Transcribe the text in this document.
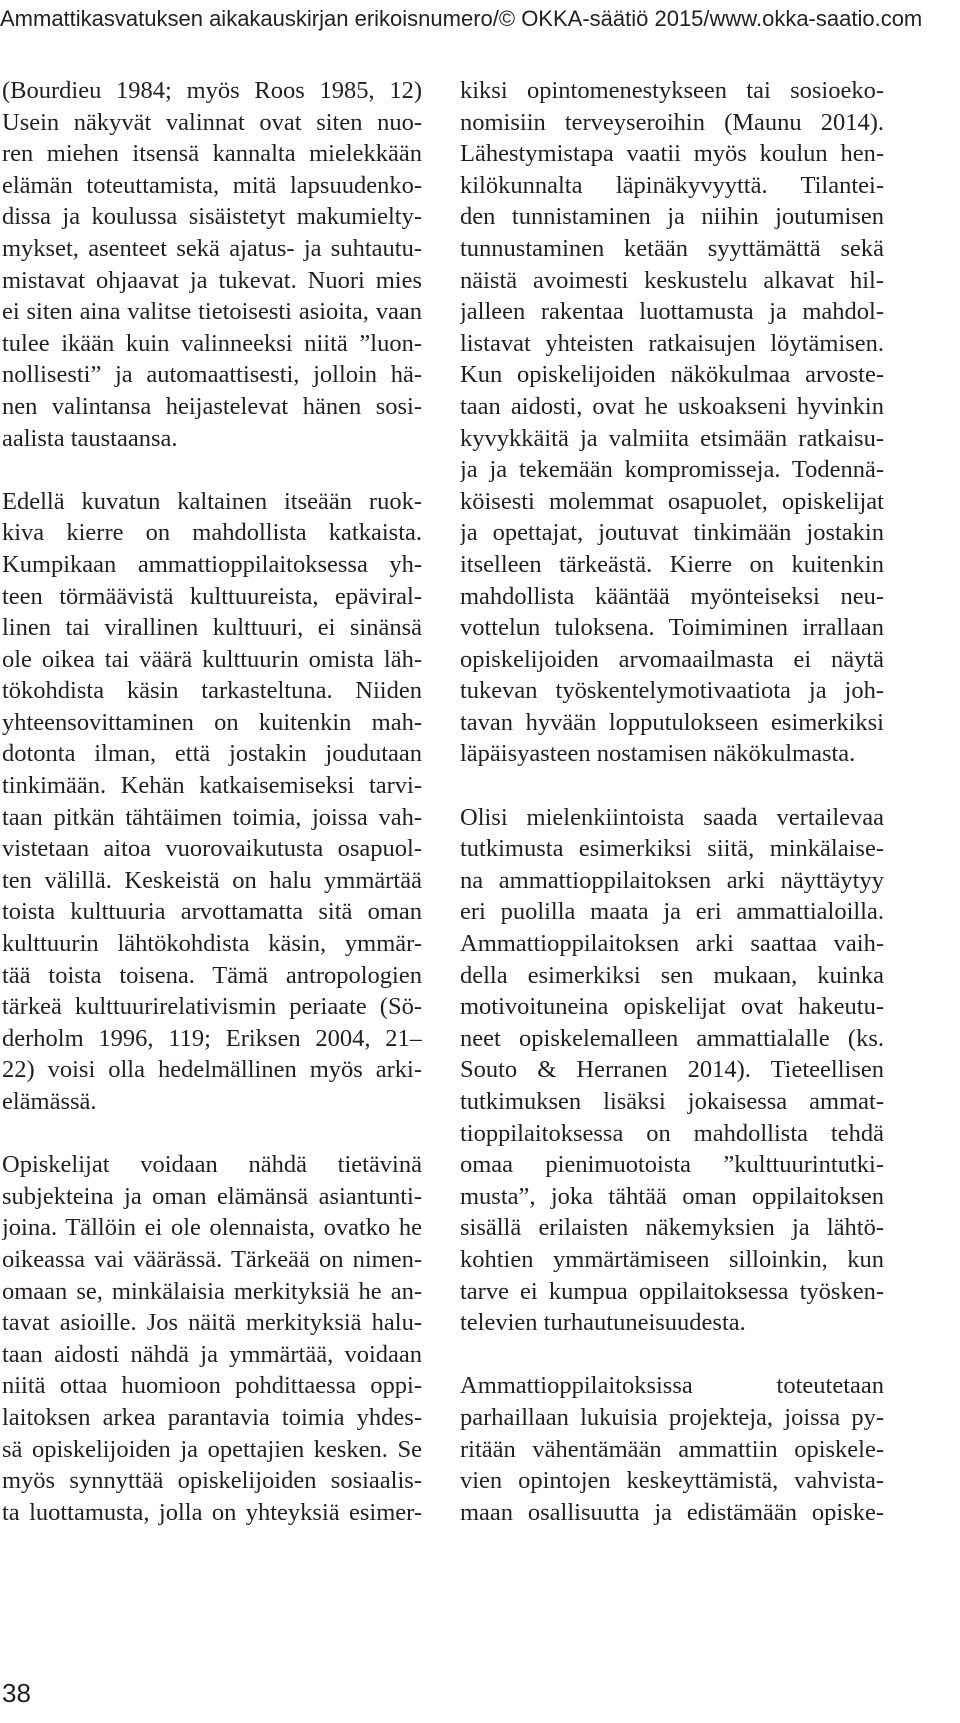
Ammattikasvatuksen aikakauskirjan erikoisnumero/© OKKA-säätiö 2015/www.okka-saatio.com
(Bourdieu 1984; myös Roos 1985, 12)
Usein näkyvät valinnat ovat siten nuo-
ren miehen itsensä kannalta mielekkään
elämän toteuttamista, mitä lapsuudenko-
dissa ja koulussa sisäistetyt makumielty-
mykset, asenteet sekä ajatus- ja suhtautu-
mistavat ohjaavat ja tukevat. Nuori mies
ei siten aina valitse tietoisesti asioita, vaan
tulee ikään kuin valinneeksi niitä ”luon-
nollisesti” ja automaattisesti, jolloin hä-
nen valintansa heijastelevat hänen sosi-
aalista taustaansa.
Edellä kuvatun kaltainen itseään ruok-
kiva kierre on mahdollista katkaista.
Kumpikaan ammattioppilaitoksessa yh-
teen törmäävistä kulttuureista, epäviral-
linen tai virallinen kulttuuri, ei sinänsä
ole oikea tai väärä kulttuurin omista läh-
tökohdista käsin tarkasteltuna. Niiden
yhteensovittaminen on kuitenkin mah-
dotonta ilman, että jostakin joudutaan
tinkimään. Kehän katkaisemiseksi tarvi-
taan pitkän tähtäimen toimia, joissa vah-
vistetaan aitoa vuorovaikutusta osapuol-
ten välillä. Keskeistä on halu ymmärtää
toista kulttuuria arvottamatta sitä oman
kulttuurin lähtökohdista käsin, ymmär-
tää toista toisena. Tämä antropologien
tärkeä kulttuurirelativismin periaate (Sö-
derholm 1996, 119; Eriksen 2004, 21–
22) voisi olla hedelmällinen myös arki-
elämässä.
Opiskelijat voidaan nähdä tietävinä
subjekteina ja oman elämänsä asiantunti-
joina. Tällöin ei ole olennaista, ovatko he
oikeassa vai väärässä. Tärkeää on nimen-
omaan se, minkälaisia merkityksiä he an-
tavat asioille. Jos näitä merkityksiä halu-
taan aidosti nähdä ja ymmärtää, voidaan
niitä ottaa huomioon pohdittaessa oppi-
laitoksen arkea parantavia toimia yhdes-
sä opiskelijoiden ja opettajien kesken. Se
myös synnyttää opiskelijoiden sosiaalis-
ta luottamusta, jolla on yhteyksiä esimer-
kiksi opintomenestykseen tai sosioeko-
nomisiin terveyseroihin (Maunu 2014).
Lähestymistapa vaatii myös koulun hen-
kilökunnalta läpinäkyvyyttä. Tilantei-
den tunnistaminen ja niihin joutumisen
tunnustaminen ketään syyttämättä sekä
näistä avoimesti keskustelu alkavat hil-
jalleen rakentaa luottamusta ja mahdol-
listavat yhteisten ratkaisujen löytämisen.
Kun opiskelijoiden näkökulmaa arvoste-
taan aidosti, ovat he uskoakseni hyvinkin
kyvykkäitä ja valmiita etsimään ratkaisu-
ja ja tekemään kompromisseja. Todennä-
köisesti molemmat osapuolet, opiskelijat
ja opettajat, joutuvat tinkimään jostakin
itselleen tärkeästä. Kierre on kuitenkin
mahdollista kääntää myönteiseksi neu-
vottelun tuloksena. Toimiminen irrallaan
opiskelijoiden arvomaailmasta ei näytä
tukevan työskentelymotivaatiota ja joh-
tavan hyvään lopputulokseen esimerkiksi
läpäisyasteen nostamisen näkökulmasta.
Olisi mielenkiintoista saada vertailevaa
tutkimusta esimerkiksi siitä, minkälaise-
na ammattioppilaitoksen arki näyttäytyy
eri puolilla maata ja eri ammattialoilla.
Ammattioppilaitoksen arki saattaa vaih-
della esimerkiksi sen mukaan, kuinka
motivoituneina opiskelijat ovat hakeutu-
neet opiskelemalleen ammattialalle (ks.
Souto & Herranen 2014). Tieteellisen
tutkimuksen lisäksi jokaisessa ammat-
tioppilaitoksessa on mahdollista tehdä
omaa pienimuotoista ”kulttuurintutki-
musta”, joka tähtää oman oppilaitoksen
sisällä erilaisten näkemyksien ja lähtö-
kohtien ymmärtämiseen silloinkin, kun
tarve ei kumpua oppilaitoksessa työsken-
televien turhautuneisuudesta.
Ammattioppilaitoksissa toteutetaan
parhaillaan lukuisia projekteja, joissa py-
ritään vähentämään ammattiin opiskele-
vien opintojen keskeyttämistä, vahvista-
maan osallisuutta ja edistämään opiske-
38
